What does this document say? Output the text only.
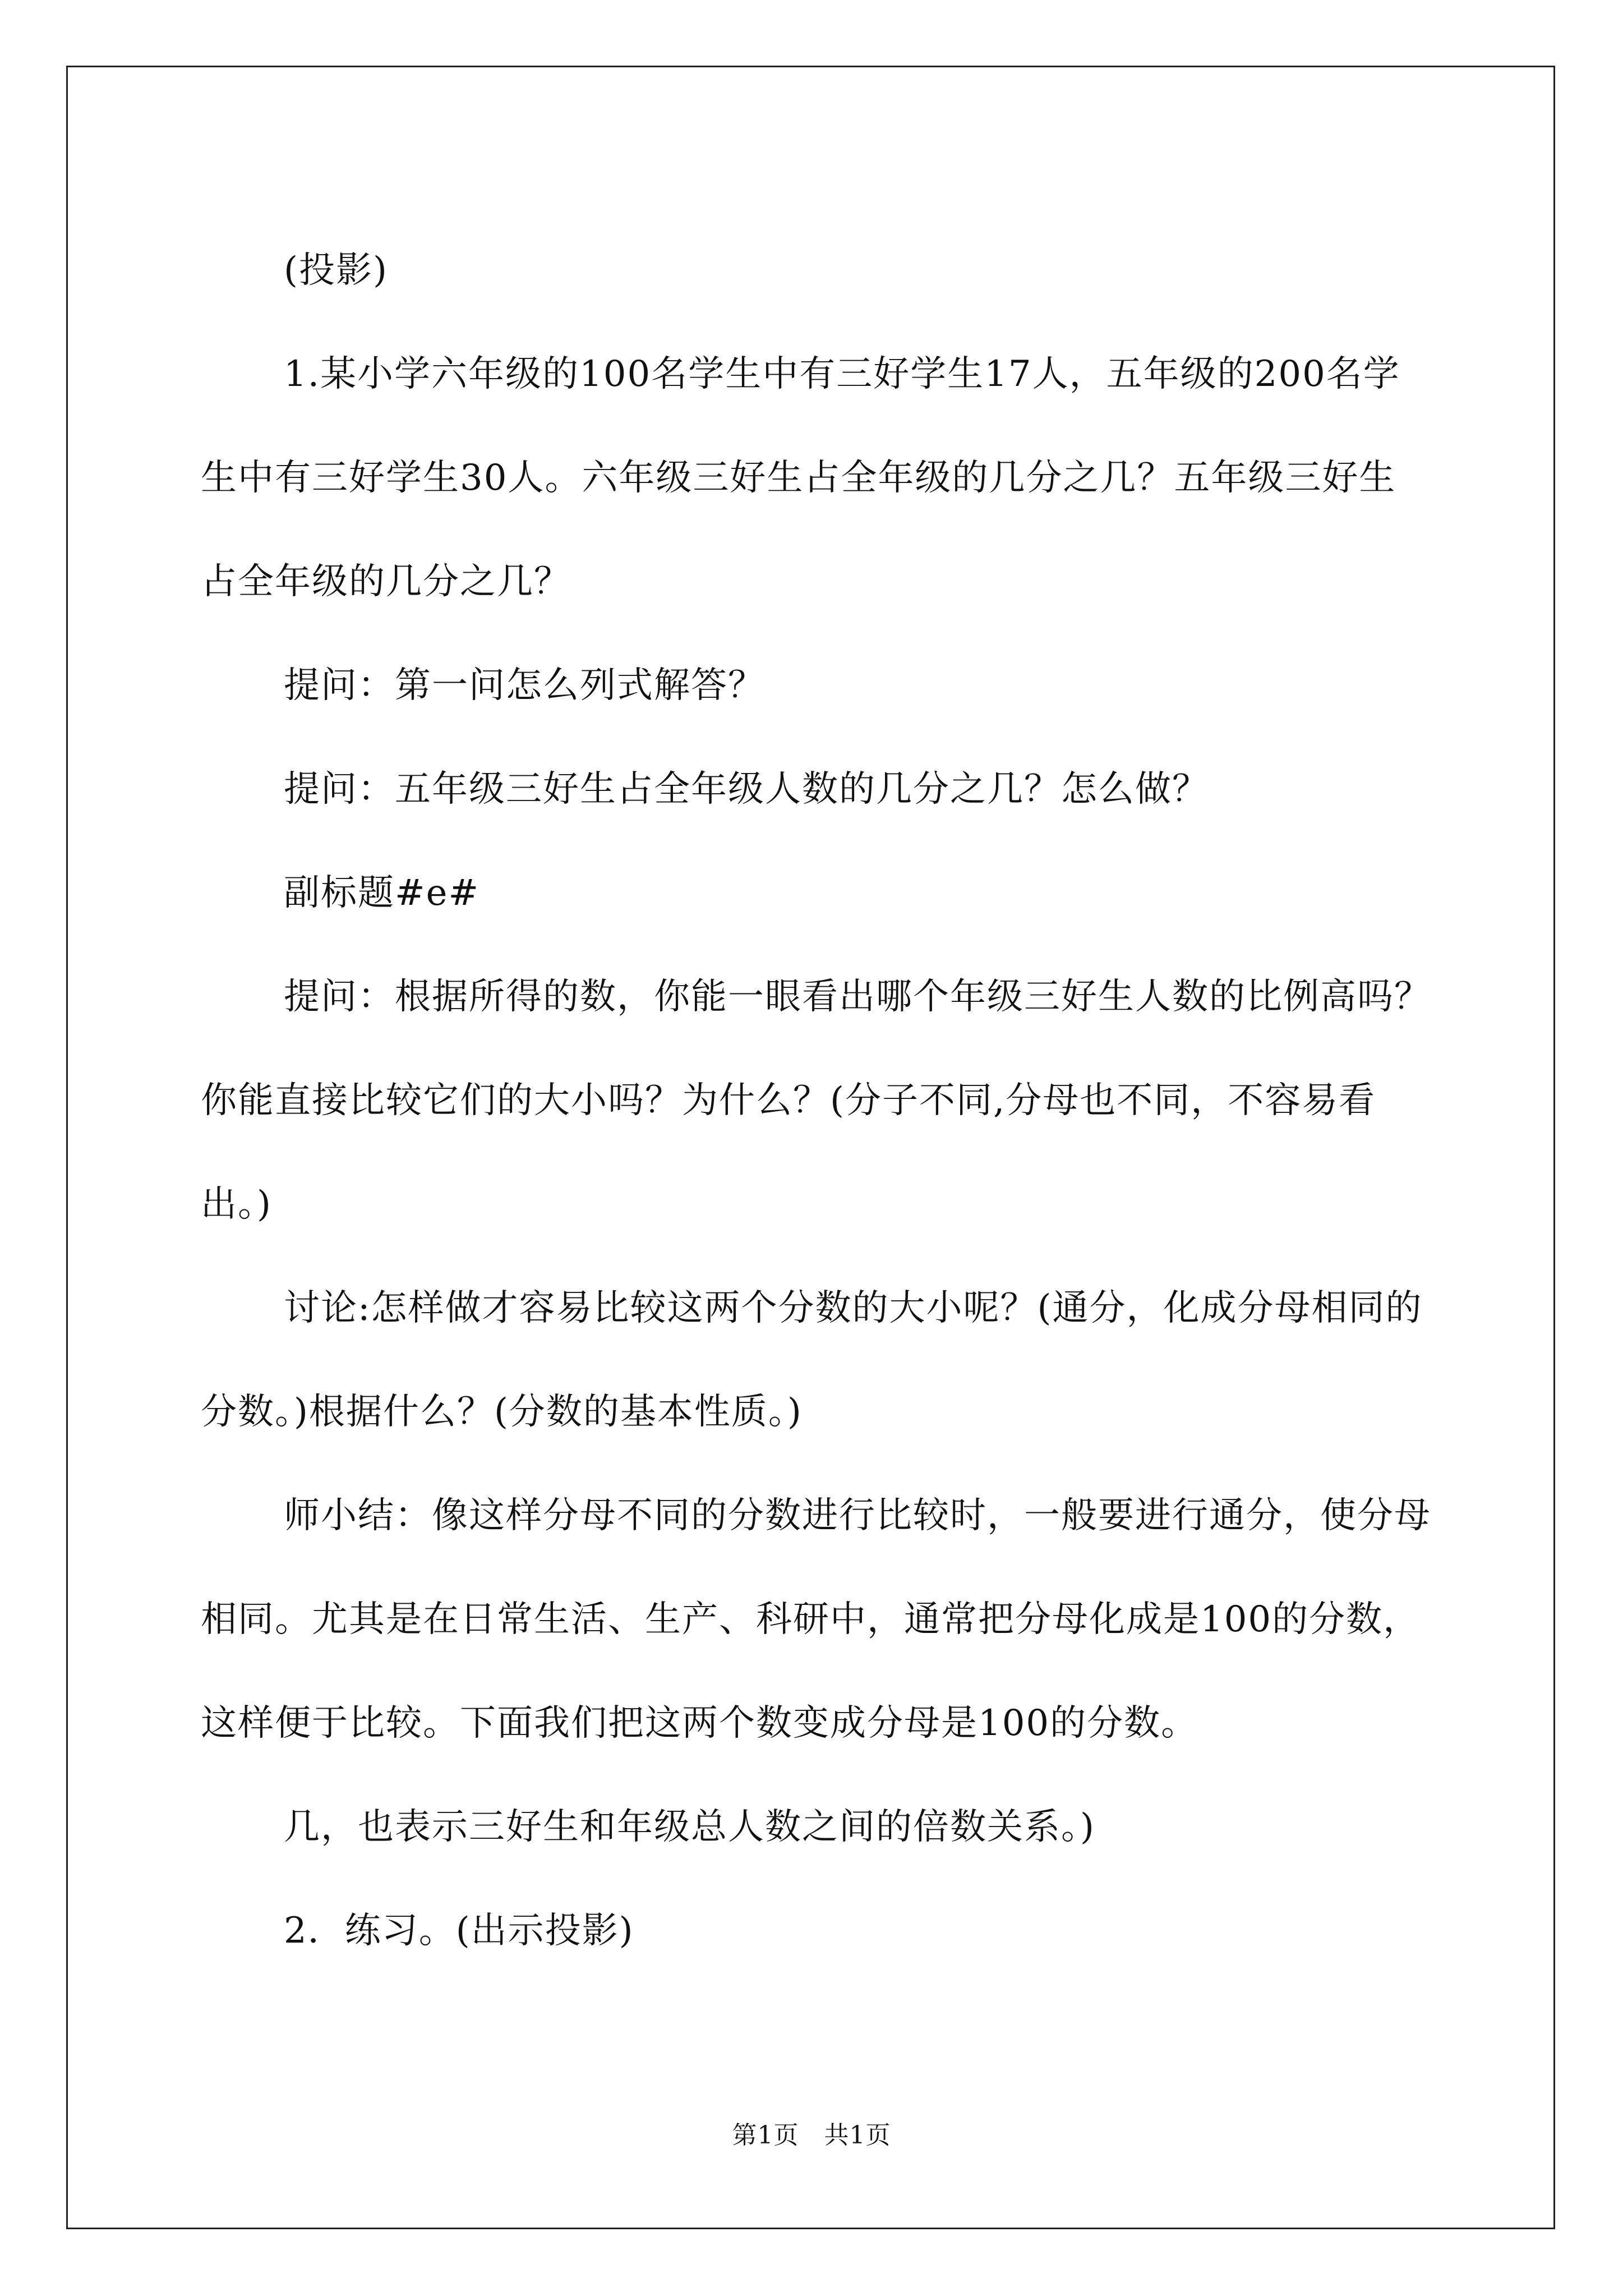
(投影)

1.某小学六年级的100名学生中有三好学生17人，五年级的200名学生中有三好学生30人。六年级三好生占全年级的几分之几？五年级三好生占全年级的几分之几？

提问：第一问怎么列式解答？

提问：五年级三好生占全年级人数的几分之几？怎么做？

副标题#e#

提问：根据所得的数，你能一眼看出哪个年级三好生人数的比例高吗？你能直接比较它们的大小吗？为什么？(分子不同,分母也不同，不容易看出。)

讨论:怎样做才容易比较这两个分数的大小呢？(通分，化成分母相同的分数。)根据什么？(分数的基本性质。)

师小结：像这样分母不同的分数进行比较时，一般要进行通分，使分母相同。尤其是在日常生活、生产、科研中，通常把分母化成是100的分数，这样便于比较。下面我们把这两个数变成分母是100的分数。

几，也表示三好生和年级总人数之间的倍数关系。)

2．练习。(出示投影)

第1页 共1页
